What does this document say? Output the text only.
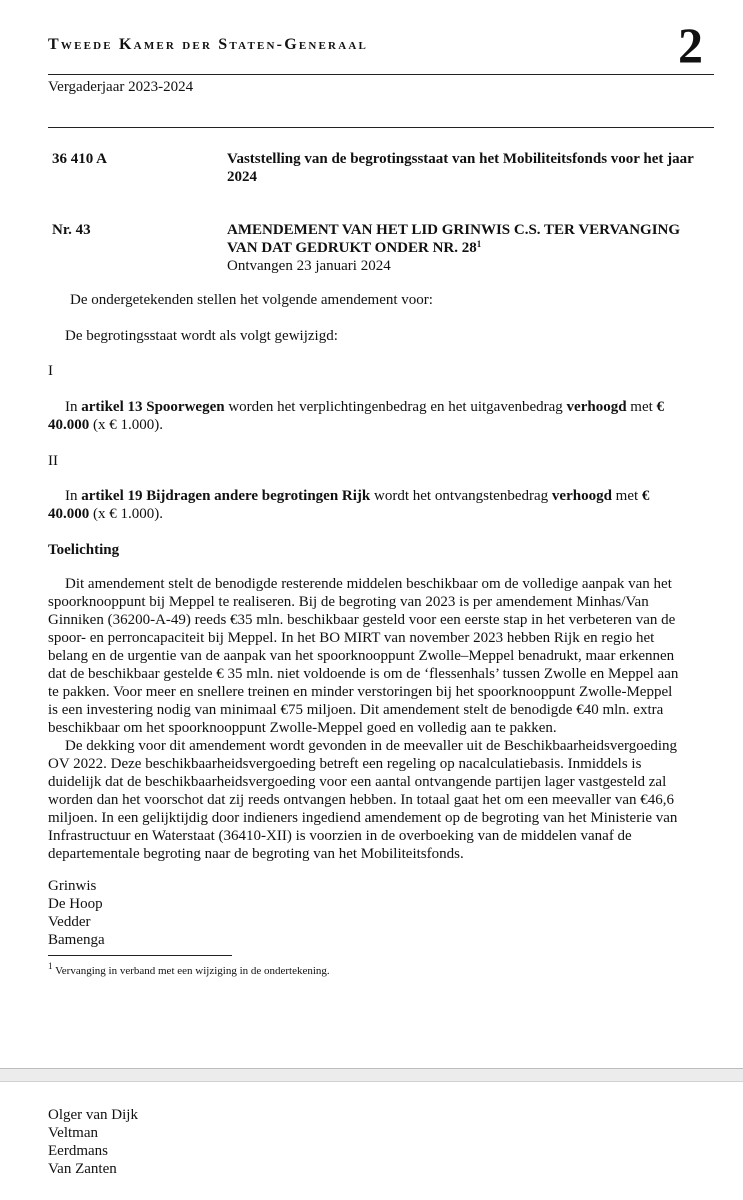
Tweede Kamer der Staten-Generaal	2
Vergaderjaar 2023-2024
36 410 A	Vaststelling van de begrotingsstaat van het Mobiliteitsfonds voor het jaar 2024
Nr. 43	AMENDEMENT VAN HET LID GRINWIS C.S. TER VERVANGING VAN DAT GEDRUKT ONDER NR. $28^1$
Ontvangen 23 januari 2024
De ondergetekenden stellen het volgende amendement voor:
De begrotingsstaat wordt als volgt gewijzigd:
I
In artikel 13 Spoorwegen worden het verplichtingenbedrag en het uitgavenbedrag verhoogd met € 40.000 (x € 1.000).
II
In artikel 19 Bijdragen andere begrotingen Rijk wordt het ontvangstenbedrag verhoogd met € 40.000 (x € 1.000).
Toelichting
Dit amendement stelt de benodigde resterende middelen beschikbaar om de volledige aanpak van het spoorknooppunt bij Meppel te realiseren. Bij de begroting van 2023 is per amendement Minhas/Van Ginniken (36200-A-49) reeds €35 mln. beschikbaar gesteld voor een eerste stap in het verbeteren van de spoor- en perroncapaciteit bij Meppel. In het BO MIRT van november 2023 hebben Rijk en regio het belang en de urgentie van de aanpak van het spoorknooppunt Zwolle–Meppel benadrukt, maar erkennen dat de beschikbaar gestelde € 35 mln. niet voldoende is om de ‘flessenhals’ tussen Zwolle en Meppel aan te pakken. Voor meer en snellere treinen en minder verstoringen bij het spoorknooppunt Zwolle-Meppel is een investering nodig van minimaal €75 miljoen. Dit amendement stelt de benodigde €40 mln. extra beschikbaar om het spoorknooppunt Zwolle-Meppel goed en volledig aan te pakken.
De dekking voor dit amendement wordt gevonden in de meevaller uit de Beschikbaarheidsvergoeding OV 2022. Deze beschikbaarheidsvergoeding betreft een regeling op nacalculatiebasis. Inmiddels is duidelijk dat de beschikbaarheidsvergoeding voor een aantal ontvangende partijen lager vastgesteld zal worden dan het voorschot dat zij reeds ontvangen hebben. In totaal gaat het om een meevaller van €46,6 miljoen. In een gelijktijdig door indieners ingediend amendement op de begroting van het Ministerie van Infrastructuur en Waterstaat (36410-XII) is voorzien in de overboeking van de middelen vanaf de departementale begroting naar de begroting van het Mobiliteitsfonds.
Grinwis
De Hoop
Vedder
Bamenga
$^1$ Vervanging in verband met een wijziging in de ondertekening.
Olger van Dijk
Veltman
Eerdmans
Van Zanten
